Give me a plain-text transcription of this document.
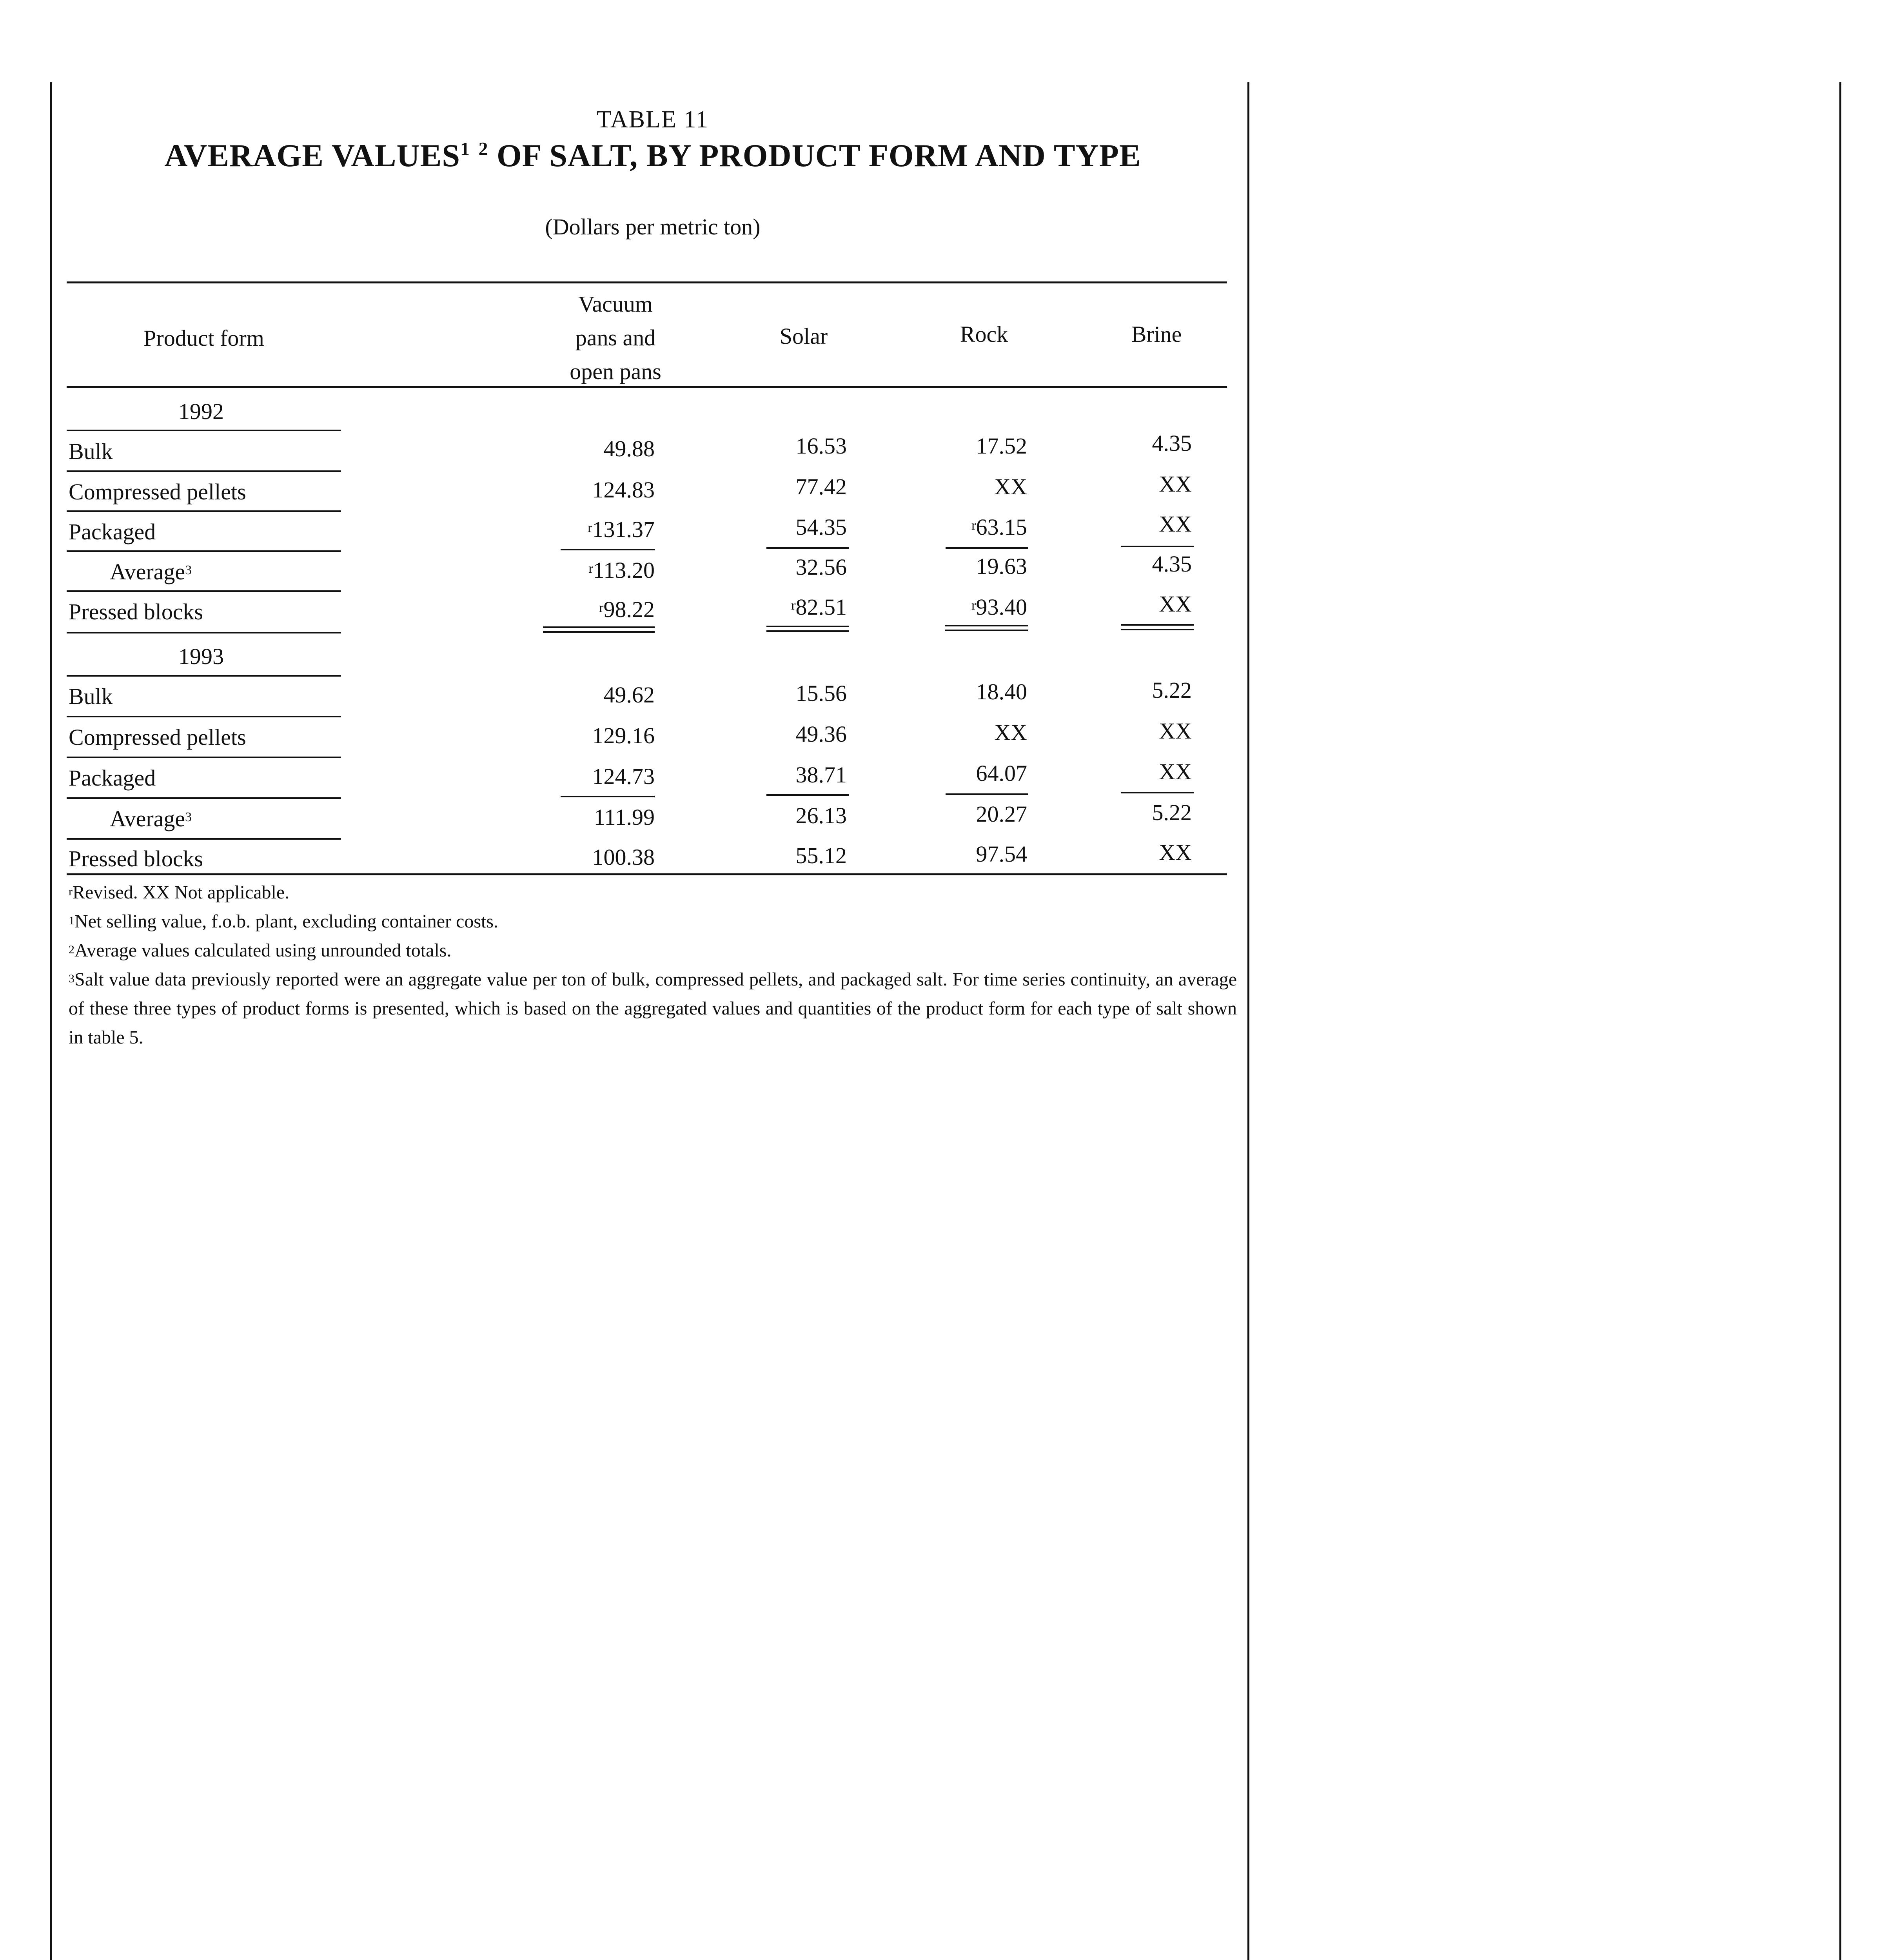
TABLE 11
AVERAGE VALUES$^1$ $^2$ OF SALT, BY PRODUCT FORM AND TYPE
(Dollars per metric ton)
Product form
Vacuum
pans and
open pans
Solar	Rock	Brine
1992
Bulk	49.88	16.53	17.52	4.35
Compressed pellets	124.83	77.42	XX	XX
Packaged	$^r$131.37	54.35	$^r$63.15	XX
Average$^3$	$^r$113.20	32.56	19.63	4.35
Pressed blocks	$^r$98.22	$^r$82.51	$^r$93.40	XX
1993
Bulk	49.62	15.56	18.40	5.22
Compressed pellets	129.16	49.36	XX	XX
Packaged	124.73	38.71	64.07	XX
Average$^3$	111.99	26.13	20.27	5.22
Pressed blocks	100.38	55.12	97.54	XX

$^r$Revised. XX Not applicable.

$^1$Net selling value, f.o.b. plant, excluding container costs.

$^2$Average values calculated using unrounded totals.

$^3$Salt value data previously reported were an aggregate value per ton of bulk, compressed pellets, and packaged salt. For time series continuity, an average of these three types of product forms is presented, which is based on the aggregated values and quantities of the product form for each type of salt shown in table 5.
